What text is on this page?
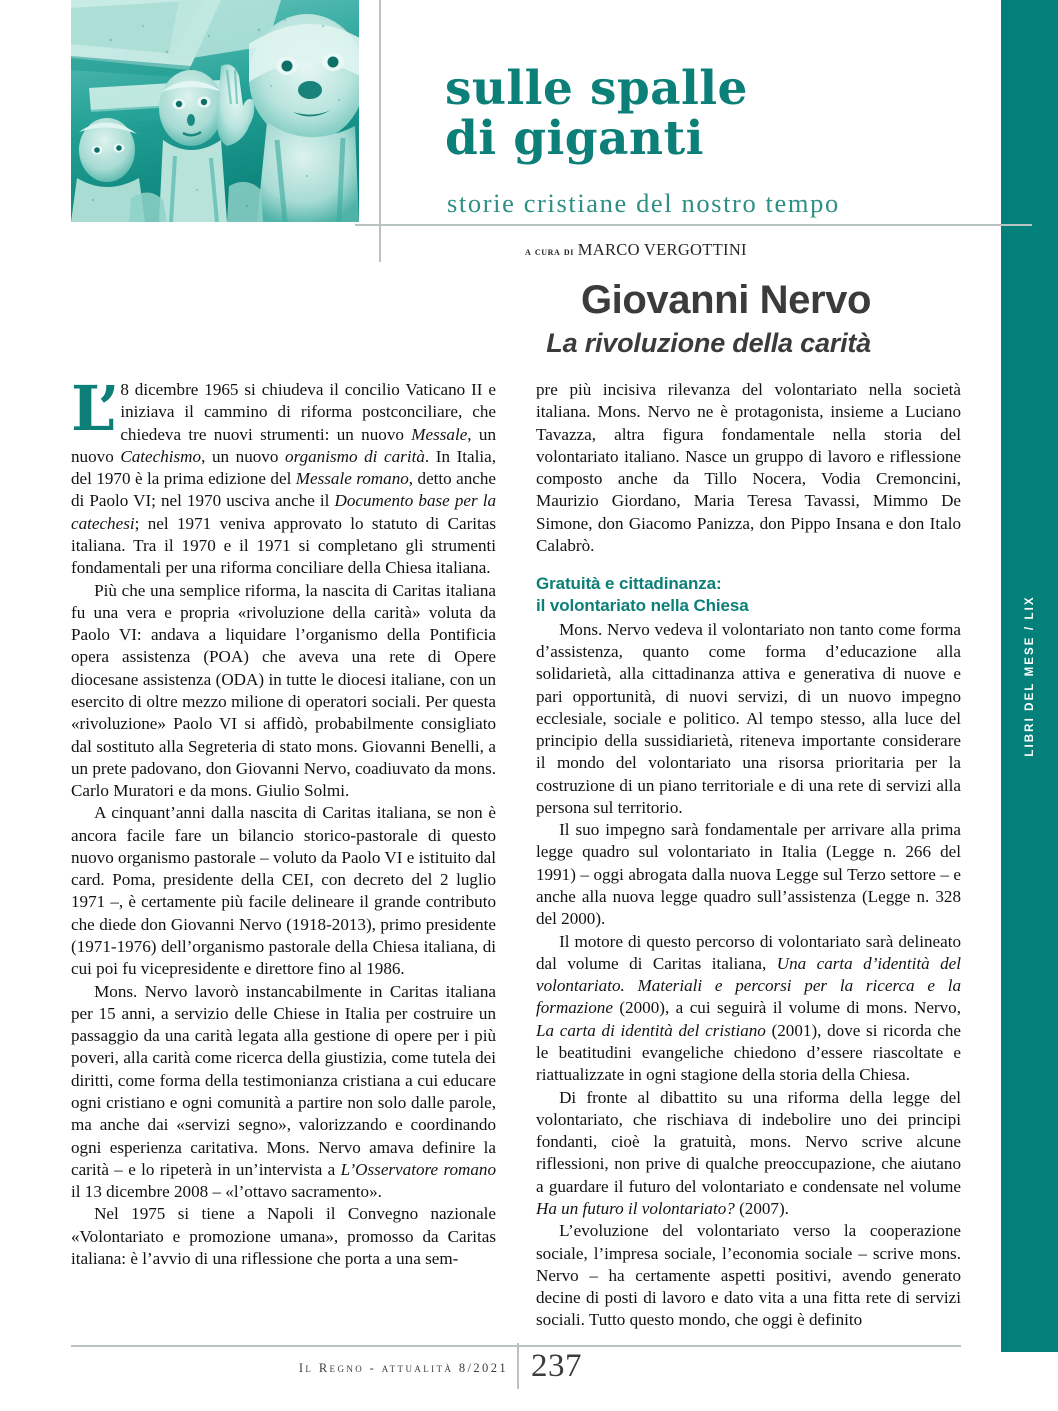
LIBRI DEL MESE / LIX
sulle spalle
di giganti
storie cristiane del nostro tempo
a cura di MARCO VERGOTTINI
Giovanni Nervo
La rivoluzione della carità
L’ 8 dicembre 1965 si chiudeva il concilio Vaticano II e iniziava il cammino di riforma postconciliare, che chiedeva tre nuovi strumenti: un nuovo Messale, un nuovo Catechismo, un nuovo organismo di carità. In Italia, del 1970 è la prima edizione del Messale romano, detto anche di Paolo VI; nel 1970 usciva anche il Documento base per la catechesi; nel 1971 veniva approvato lo statuto di Caritas italiana. Tra il 1970 e il 1971 si completano gli strumenti fondamentali per una riforma conciliare della Chiesa italiana.

Più che una semplice riforma, la nascita di Caritas italiana fu una vera e propria «rivoluzione della carità» voluta da Paolo VI: andava a liquidare l’organismo della Pontificia opera assistenza (POA) che aveva una rete di Opere diocesane assistenza (ODA) in tutte le diocesi italiane, con un esercito di oltre mezzo milione di operatori sociali. Per questa «rivoluzione» Paolo VI si affidò, probabilmente consigliato dal sostituto alla Segreteria di stato mons. Giovanni Benelli, a un prete padovano, don Giovanni Nervo, coadiuvato da mons. Carlo Muratori e da mons. Giulio Solmi.

A cinquant’anni dalla nascita di Caritas italiana, se non è ancora facile fare un bilancio storico-pastorale di questo nuovo organismo pastorale – voluto da Paolo VI e istituito dal card. Poma, presidente della CEI, con decreto del 2 luglio 1971 –, è certamente più facile delineare il grande contributo che diede don Giovanni Nervo (1918-2013), primo presidente (1971-1976) dell’organismo pastorale della Chiesa italiana, di cui poi fu vicepresidente e direttore fino al 1986.

Mons. Nervo lavorò instancabilmente in Caritas italiana per 15 anni, a servizio delle Chiese in Italia per costruire un passaggio da una carità legata alla gestione di opere per i più poveri, alla carità come ricerca della giustizia, come tutela dei diritti, come forma della testimonianza cristiana a cui educare ogni cristiano e ogni comunità a partire non solo dalle parole, ma anche dai «servizi segno», valorizzando e coordinando ogni esperienza caritativa. Mons. Nervo amava definire la carità – e lo ripeterà in un’intervista a L’Osservatore romano il 13 dicembre 2008 – «l’ottavo sacramento».

Nel 1975 si tiene a Napoli il Convegno nazionale «Volontariato e promozione umana», promosso da Caritas italiana: è l’avvio di una riflessione che porta a una sem-

pre più incisiva rilevanza del volontariato nella società italiana. Mons. Nervo ne è protagonista, insieme a Luciano Tavazza, altra figura fondamentale nella storia del volontariato italiano. Nasce un gruppo di lavoro e riflessione composto anche da Tillo Nocera, Vodia Cremoncini, Maurizio Giordano, Maria Teresa Tavassi, Mimmo De Simone, don Giacomo Panizza, don Pippo Insana e don Italo Calabrò.

Gratuità e cittadinanza:
il volontariato nella Chiesa

Mons. Nervo vedeva il volontariato non tanto come forma d’assistenza, quanto come forma d’educazione alla solidarietà, alla cittadinanza attiva e generativa di nuove e pari opportunità, di nuovi servizi, di un nuovo impegno ecclesiale, sociale e politico. Al tempo stesso, alla luce del principio della sussidiarietà, riteneva importante considerare il mondo del volontariato una risorsa prioritaria per la costruzione di un piano territoriale e di una rete di servizi alla persona sul territorio.

Il suo impegno sarà fondamentale per arrivare alla prima legge quadro sul volontariato in Italia (Legge n. 266 del 1991) – oggi abrogata dalla nuova Legge sul Terzo settore – e anche alla nuova legge quadro sull’assistenza (Legge n. 328 del 2000).

Il motore di questo percorso di volontariato sarà delineato dal volume di Caritas italiana, Una carta d’identità del volontariato. Materiali e percorsi per la ricerca e la formazione (2000), a cui seguirà il volume di mons. Nervo, La carta di identità del cristiano (2001), dove si ricorda che le beatitudini evangeliche chiedono d’essere riascoltate e riattualizzate in ogni stagione della storia della Chiesa.

Di fronte al dibattito su una riforma della legge del volontariato, che rischiava di indebolire uno dei principi fondanti, cioè la gratuità, mons. Nervo scrive alcune riflessioni, non prive di qualche preoccupazione, che aiutano a guardare il futuro del volontariato e condensate nel volume Ha un futuro il volontariato? (2007).

L’evoluzione del volontariato verso la cooperazione sociale, l’impresa sociale, l’economia sociale – scrive mons. Nervo – ha certamente aspetti positivi, avendo generato decine di posti di lavoro e dato vita a una fitta rete di servizi sociali. Tutto questo mondo, che oggi è definito

Il Regno - attualità 8/2021 237
